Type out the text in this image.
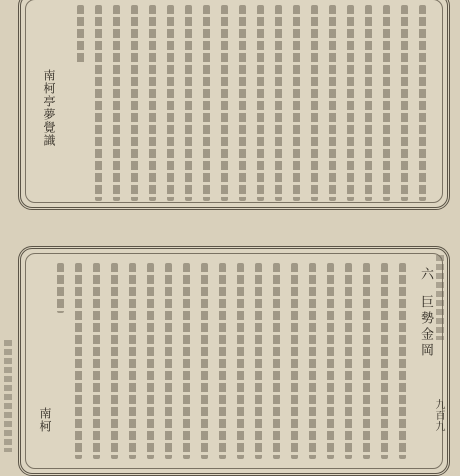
南柯亭夢覺識
六
巨勢金岡
九百九
南柯
